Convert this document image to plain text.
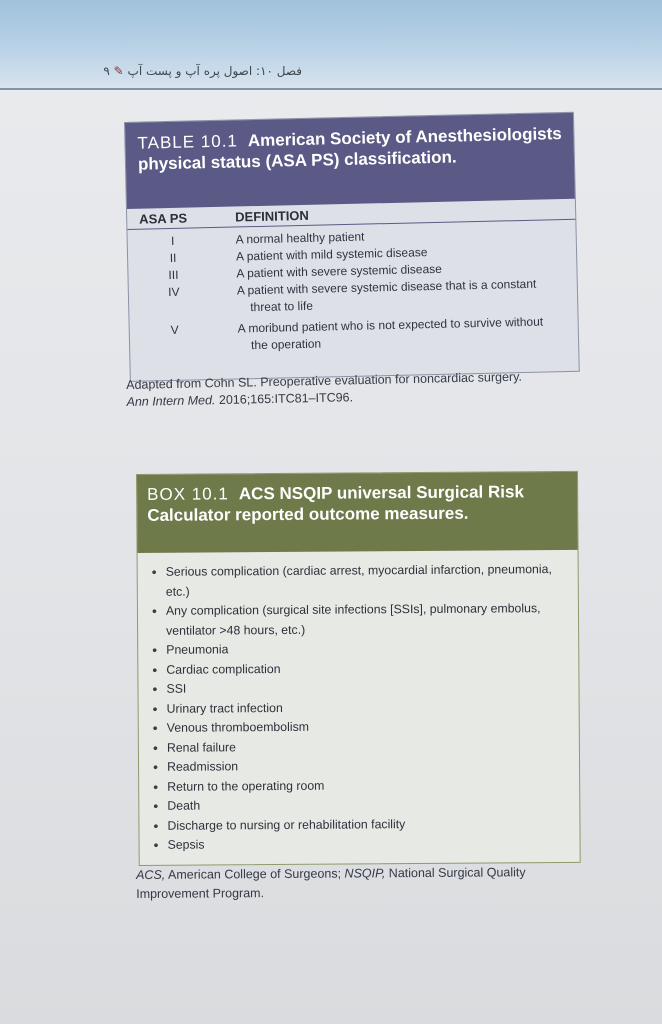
فصل ۱۰: اصول پره آپ و پست آپ ✎ ۹
TABLE 10.1 American Society of Anesthesiologists physical status (ASA PS) classification.
ASA PS	DEFINITION
I	A normal healthy patient
II	A patient with mild systemic disease
III	A patient with severe systemic disease
IV	A patient with severe systemic disease that is a constant
threat to life
V	A moribund patient who is not expected to survive without
the operation
Adapted from Cohn SL. Preoperative evaluation for noncardiac surgery.
Ann Intern Med. 2016;165:ITC81–ITC96.
BOX 10.1 ACS NSQIP universal Surgical Risk Calculator reported outcome measures.
• Serious complication (cardiac arrest, myocardial infarction, pneumonia, etc.)
• Any complication (surgical site infections [SSIs], pulmonary embolus, ventilator >48 hours, etc.)
• Pneumonia
• Cardiac complication
• SSI
• Urinary tract infection
• Venous thromboembolism
• Renal failure
• Readmission
• Return to the operating room
• Death
• Discharge to nursing or rehabilitation facility
• Sepsis
ACS, American College of Surgeons; NSQIP, National Surgical Quality Improvement Program.
